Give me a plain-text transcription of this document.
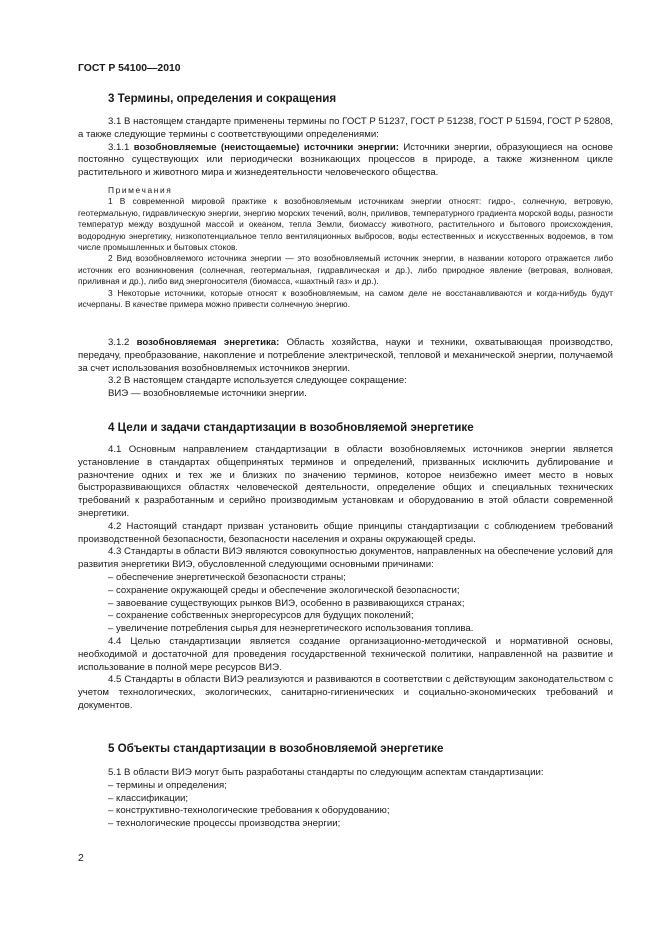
ГОСТ Р 54100—2010
3 Термины, определения и сокращения

3.1 В настоящем стандарте применены термины по ГОСТ Р 51237, ГОСТ Р 51238, ГОСТ Р 51594, ГОСТ Р 52808, а также следующие термины с соответствующими определениями:

3.1.1 возобновляемые (неистощаемые) источники энергии: Источники энергии, образующиеся на основе постоянно существующих или периодически возникающих процессов в природе, а также жизненном цикле растительного и животного мира и жизнедеятельности человеческого общества.

Примечания

1 В современной мировой практике к возобновляемым источникам энергии относят: гидро-, солнечную, ветровую, геотермальную, гидравлическую энергии, энергию морских течений, волн, приливов, температурного градиента морской воды, разности температур между воздушной массой и океаном, тепла Земли, биомассу животного, растительного и бытового происхождения, водородную энергетику, низкопотенциальное тепло вентиляционных выбросов, воды естественных и искусственных водоемов, в том числе промышленных и бытовых стоков.

2 Вид возобновляемого источника энергии — это возобновляемый источник энергии, в названии которого отражается либо источник его возникновения (солнечная, геотермальная, гидравлическая и др.), либо природное явление (ветровая, волновая, приливная и др.), либо вид энергоносителя (биомасса, «шахтный газ» и др.).

3 Некоторые источники, которые относят к возобновляемым, на самом деле не восстанавливаются и когда-нибудь будут исчерпаны. В качестве примера можно привести солнечную энергию.

3.1.2 возобновляемая энергетика: Область хозяйства, науки и техники, охватывающая производство, передачу, преобразование, накопление и потребление электрической, тепловой и механической энергии, получаемой за счет использования возобновляемых источников энергии.

3.2 В настоящем стандарте используется следующее сокращение:

ВИЭ — возобновляемые источники энергии.

4 Цели и задачи стандартизации в возобновляемой энергетике

4.1 Основным направлением стандартизации в области возобновляемых источников энергии является установление в стандартах общепринятых терминов и определений, призванных исключить дублирование и разночтение одних и тех же и близких по значению терминов, которое неизбежно имеет место в новых быстроразвивающихся областях человеческой деятельности, определение общих и специальных технических требований к разработанным и серийно производимым установкам и оборудованию в этой области современной энергетики.

4.2 Настоящий стандарт призван установить общие принципы стандартизации с соблюдением требований производственной безопасности, безопасности населения и охраны окружающей среды.

4.3 Стандарты в области ВИЭ являются совокупностью документов, направленных на обеспечение условий для развития энергетики ВИЭ, обусловленной следующими основными причинами:

– обеспечение энергетической безопасности страны;

– сохранение окружающей среды и обеспечение экологической безопасности;

– завоевание существующих рынков ВИЭ, особенно в развивающихся странах;

– сохранение собственных энергоресурсов для будущих поколений;

– увеличение потребления сырья для неэнергетического использования топлива.

4.4 Целью стандартизации является создание организационно-методической и нормативной основы, необходимой и достаточной для проведения государственной технической политики, направленной на развитие и использование в полной мере ресурсов ВИЭ.

4.5 Стандарты в области ВИЭ реализуются и развиваются в соответствии с действующим законодательством с учетом технологических, экологических, санитарно-гигиенических и социально-экономических требований и документов.

5 Объекты стандартизации в возобновляемой энергетике

5.1 В области ВИЭ могут быть разработаны стандарты по следующим аспектам стандартизации:

– термины и определения;

– классификации;

– конструктивно-технологические требования к оборудованию;

– технологические процессы производства энергии;

2
